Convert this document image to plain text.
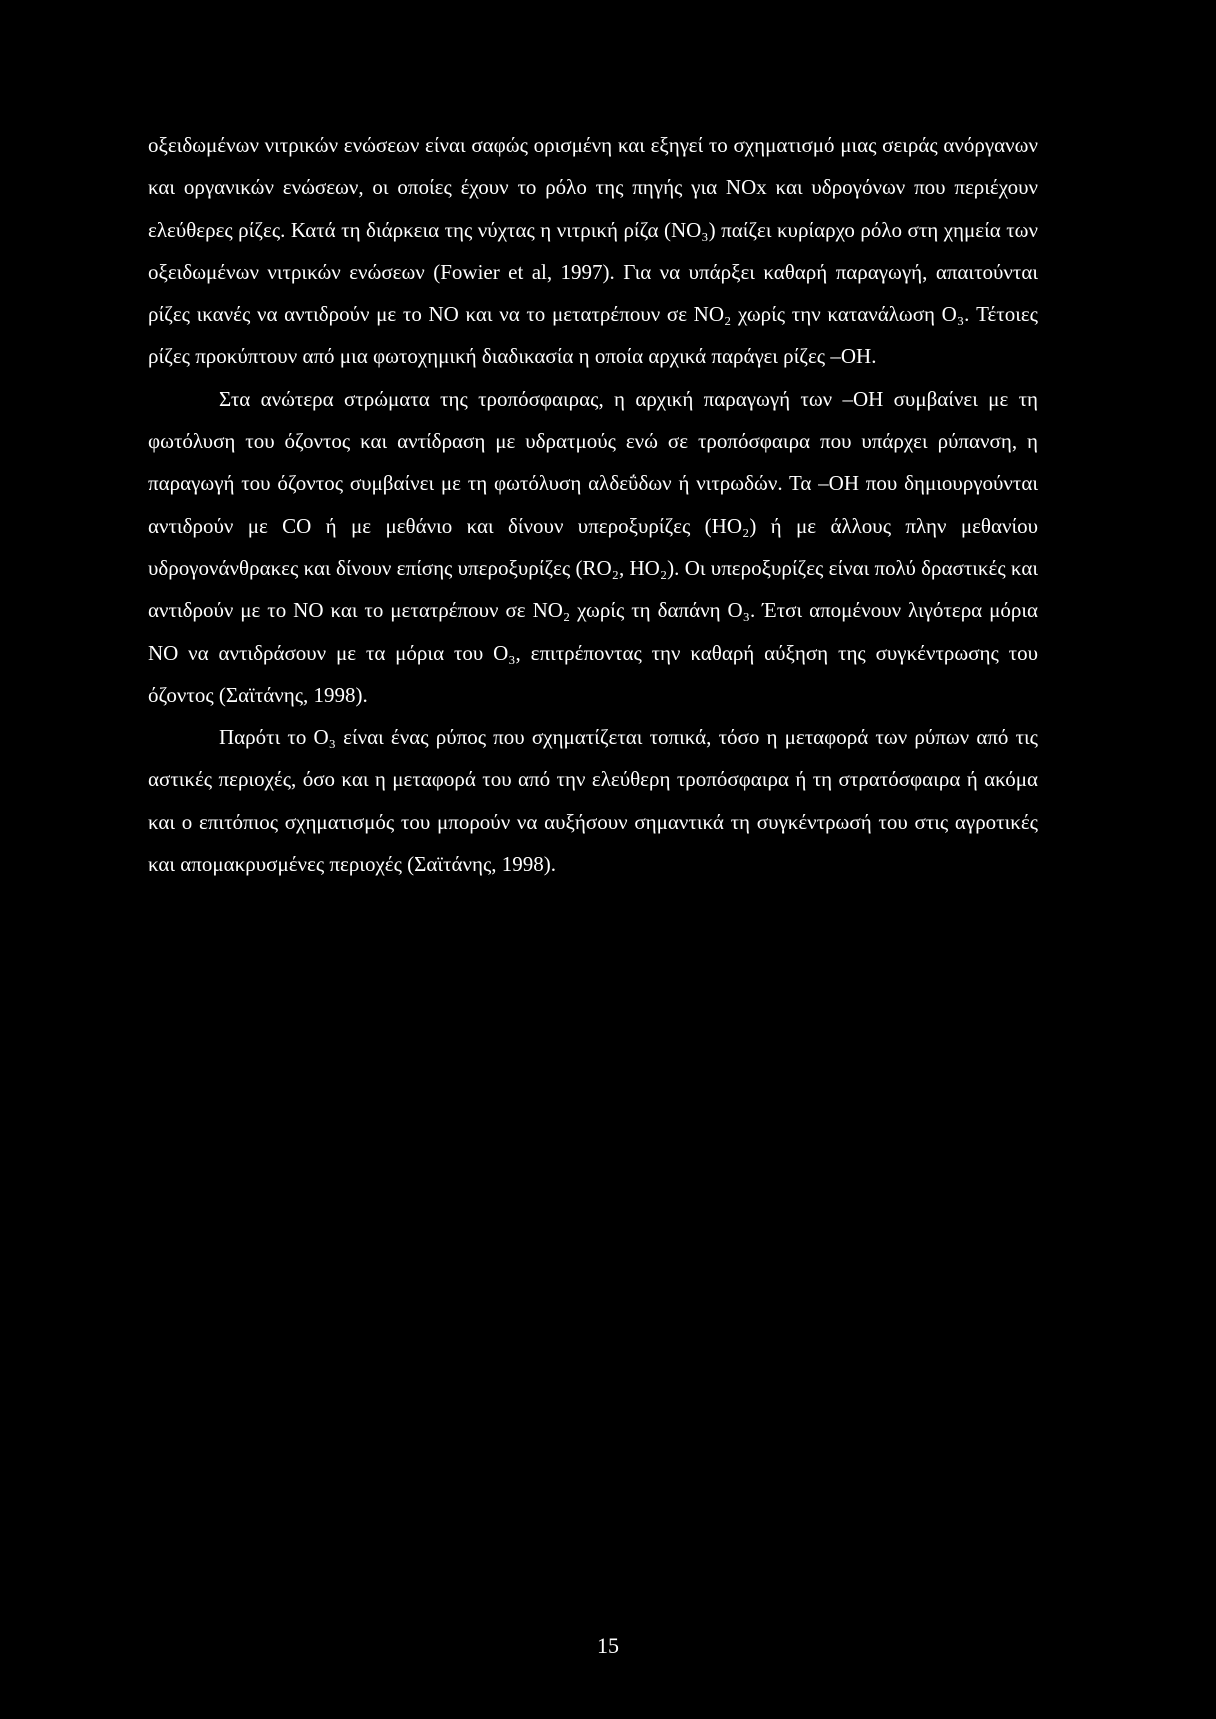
οξειδωμένων νιτρικών ενώσεων είναι σαφώς ορισμένη και εξηγεί το σχηματισμό μιας σειράς ανόργανων και οργανικών ενώσεων, οι οποίες έχουν το ρόλο της πηγής για NOx και υδρογόνων που περιέχουν ελεύθερες ρίζες. Κατά τη διάρκεια της νύχτας η νιτρική ρίζα (NO₃) παίζει κυρίαρχο ρόλο στη χημεία των οξειδωμένων νιτρικών ενώσεων (Fowier et al, 1997). Για να υπάρξει καθαρή παραγωγή, απαιτούνται ρίζες ικανές να αντιδρούν με το NO και να το μετατρέπουν σε NO₂ χωρίς την κατανάλωση O₃. Τέτοιες ρίζες προκύπτουν από μια φωτοχημική διαδικασία η οποία αρχικά παράγει ρίζες –OH.

Στα ανώτερα στρώματα της τροπόσφαιρας, η αρχική παραγωγή των –OH συμβαίνει με τη φωτόλυση του όζοντος και αντίδραση με υδρατμούς ενώ σε τροπόσφαιρα που υπάρχει ρύπανση, η παραγωγή του όζοντος συμβαίνει με τη φωτόλυση αλδεΰδων ή νιτρωδών. Τα –OH που δημιουργούνται αντιδρούν με CO ή με μεθάνιο και δίνουν υπεροξυρίζες (HO₂) ή με άλλους πλην μεθανίου υδρογονάνθρακες και δίνουν επίσης υπεροξυρίζες (RO₂, HO₂). Οι υπεροξυρίζες είναι πολύ δραστικές και αντιδρούν με το NO και το μετατρέπουν σε NO₂ χωρίς τη δαπάνη O₃. Έτσι απομένουν λιγότερα μόρια NO να αντιδράσουν με τα μόρια του O₃, επιτρέποντας την καθαρή αύξηση της συγκέντρωσης του όζοντος (Σαϊτάνης, 1998).

Παρότι το O₃ είναι ένας ρύπος που σχηματίζεται τοπικά, τόσο η μεταφορά των ρύπων από τις αστικές περιοχές, όσο και η μεταφορά του από την ελεύθερη τροπόσφαιρα ή τη στρατόσφαιρα ή ακόμα και ο επιτόπιος σχηματισμός του μπορούν να αυξήσουν σημαντικά τη συγκέντρωσή του στις αγροτικές και απομακρυσμένες περιοχές (Σαϊτάνης, 1998).

15
